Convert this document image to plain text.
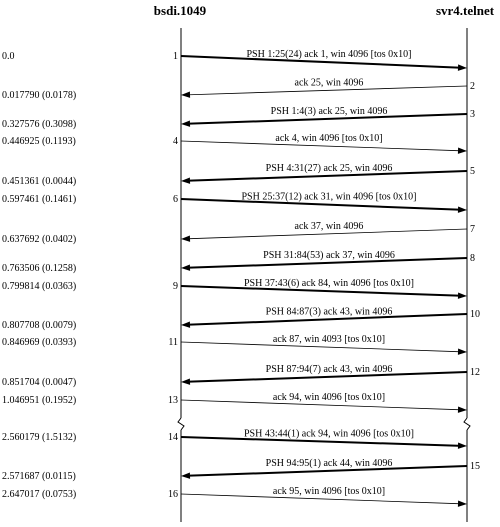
bsdi.1049	svr4.telnet
PSH 1:25(24) ack 1, win 4096 [tos 0x10]
1
0.0
ack 25, win 4096	2
0.017790 (0.0178)
PSH 1:4(3) ack 25, win 4096	3
0.327576 (0.3098)
ack 4, win 4096 [tos 0x10]
4
0.446925 (0.1193)
PSH 4:31(27) ack 25, win 4096	5
0.451361 (0.0044)
PSH 25:37(12) ack 31, win 4096 [tos 0x10]
6
0.597461 (0.1461)
ack 37, win 4096	7
0.637692 (0.0402)
PSH 31:84(53) ack 37, win 4096	8
0.763506 (0.1258)
PSH 37:43(6) ack 84, win 4096 [tos 0x10]
9
0.799814 (0.0363)
PSH 84:87(3) ack 43, win 4096	10
0.807708 (0.0079)
ack 87, win 4093 [tos 0x10]
11
0.846969 (0.0393)
PSH 87:94(7) ack 43, win 4096	12
0.851704 (0.0047)
ack 94, win 4096 [tos 0x10]
13
1.046951 (0.1952)
PSH 43:44(1) ack 94, win 4096 [tos 0x10]
14
2.560179 (1.5132)
PSH 94:95(1) ack 44, win 4096	15
2.571687 (0.0115)
ack 95, win 4096 [tos 0x10]
16
2.647017 (0.0753)
